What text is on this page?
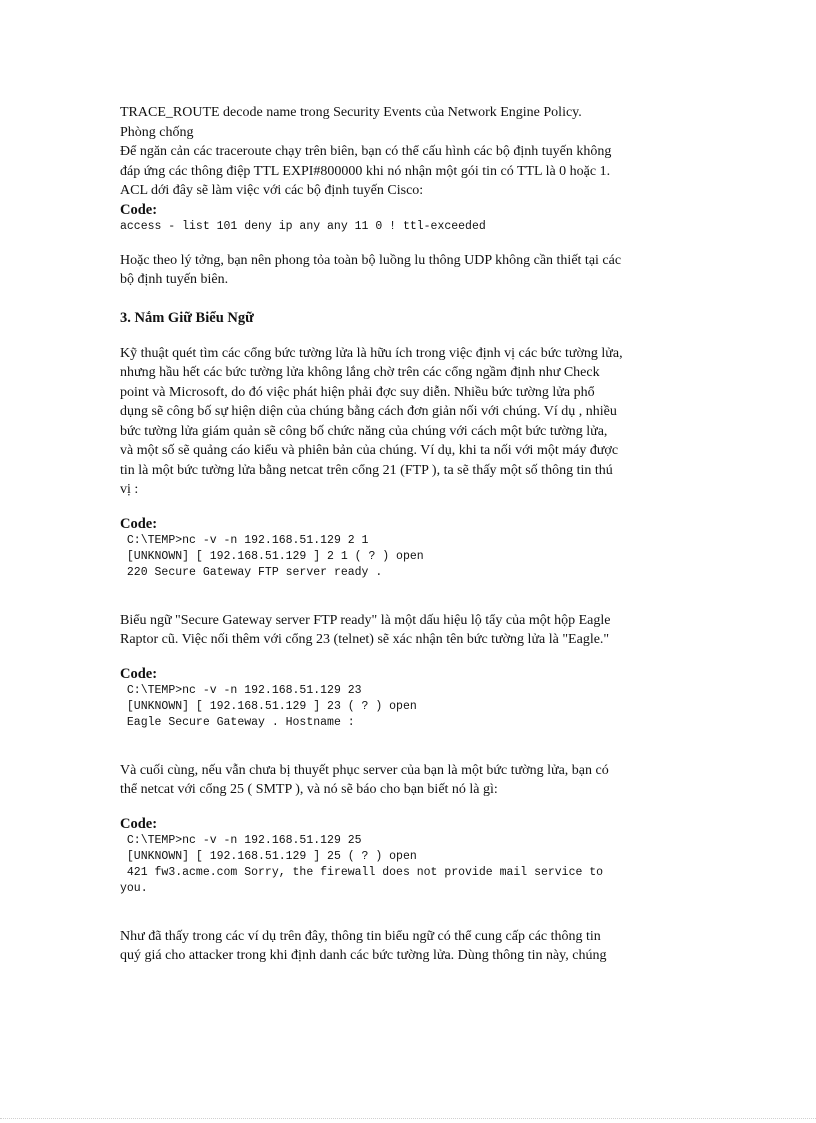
TRACE_ROUTE decode name trong Security Events của Network Engine Policy.
Phòng chống
Để ngăn cản các traceroute chạy trên biên, bạn có thể cấu hình các bộ định tuyến không
đáp ứng các thông điệp TTL EXPI#800000 khi nó nhận một gói tin có TTL là 0 hoặc 1.
ACL dới đây sẽ làm việc với các bộ định tuyến Cisco:

Code:

access - list 101 deny ip any any 11 0 ! ttl-exceeded

Hoặc theo lý tởng, bạn nên phong tỏa toàn bộ luồng lu thông UDP không cần thiết tại các
bộ định tuyến biên.

3. Nắm Giữ Biểu Ngữ

Kỹ thuật quét tìm các cổng bức tường lửa là hữu ích trong việc định vị các bức tường lửa,
nhưng hầu hết các bức tường lửa không lắng chờ trên các cổng ngầm định như Check
point và Microsoft, do đó việc phát hiện phải đợc suy diễn. Nhiều bức tường lửa phổ
dụng sẽ công bố sự hiện diện của chúng bằng cách đơn giản nối với chúng. Ví dụ , nhiều
bức tường lửa giám quản sẽ công bố chức năng của chúng với cách một bức tường lửa,
và một số sẽ quảng cáo kiểu và phiên bản của chúng. Ví dụ, khi ta nối với một máy được
tin là một bức tường lửa bằng netcat trên cổng 21 (FTP ), ta sẽ thấy một số thông tin thú
vị :

Code:

C:\TEMP>nc -v -n 192.168.51.129 2 1
[UNKNOWN] [ 192.168.51.129 ] 2 1 ( ? ) open
220 Secure Gateway FTP server ready .

Biểu ngữ "Secure Gateway server FTP ready" là một dấu hiệu lộ tẩy của một hộp Eagle
Raptor cũ. Việc nối thêm với cổng 23 (telnet) sẽ xác nhận tên bức tường lửa là "Eagle."

Code:

C:\TEMP>nc -v -n 192.168.51.129 23
[UNKNOWN] [ 192.168.51.129 ] 23 ( ? ) open
Eagle Secure Gateway . Hostname :

Và cuối cùng, nếu vẫn chưa bị thuyết phục server của bạn là một bức tường lửa, bạn có
thể netcat với cổng 25 ( SMTP ), và nó sẽ báo cho bạn biết nó là gì:

Code:

C:\TEMP>nc -v -n 192.168.51.129 25
[UNKNOWN] [ 192.168.51.129 ] 25 ( ? ) open
421 fw3.acme.com Sorry, the firewall does not provide mail service to
you.

Như đã thấy trong các ví dụ trên đây, thông tin biểu ngữ có thể cung cấp các thông tin
quý giá cho attacker trong khi định danh các bức tường lửa. Dùng thông tin này, chúng
